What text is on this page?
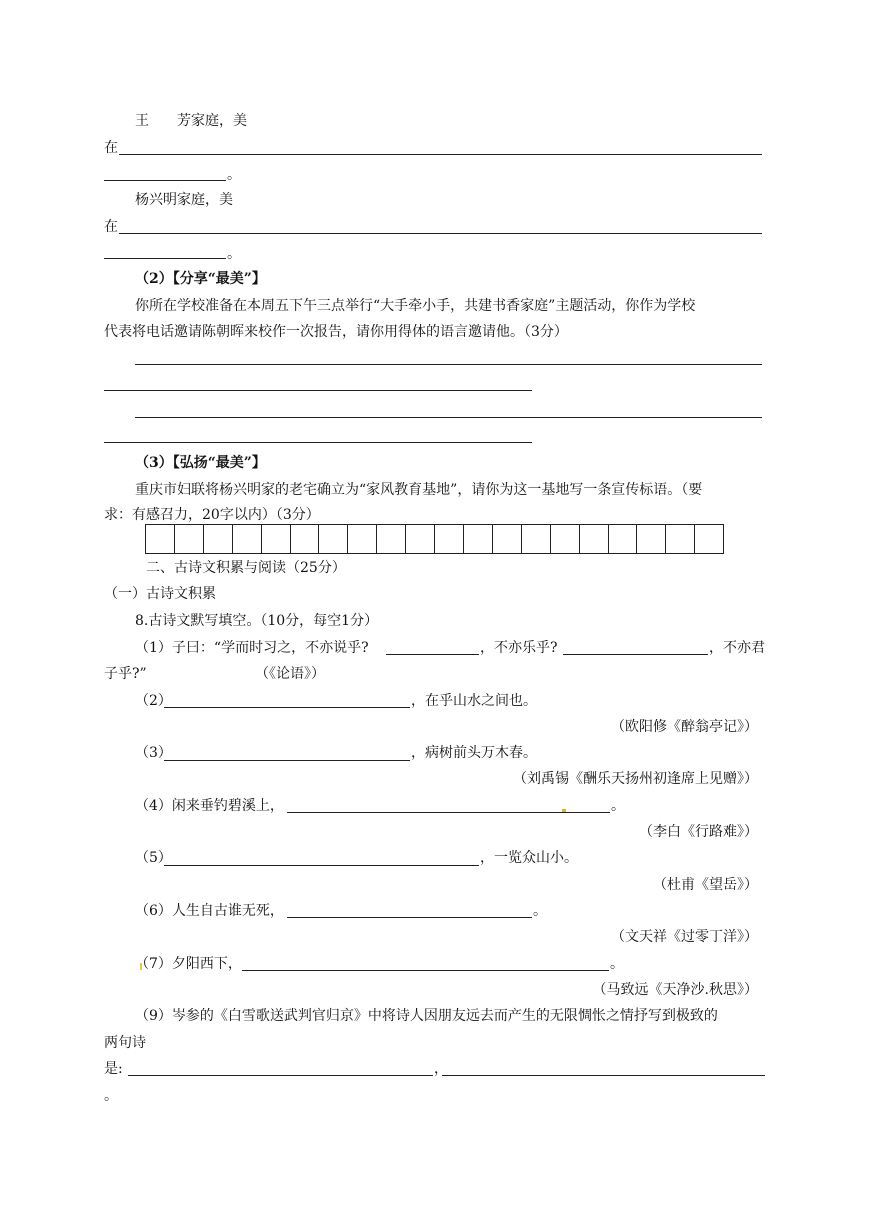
王　　芳家庭，美
在
。
杨兴明家庭，美
在
。
（2）【分享“最美”】
你所在学校准备在本周五下午三点举行“大手牵小手，共建书香家庭”主题活动，你作为学校
代表将电话邀请陈朝晖来校作一次报告，请你用得体的语言邀请他。（3分）
（3）【弘扬“最美”】
重庆市妇联将杨兴明家的老宅确立为“家风教育基地”，请你为这一基地写一条宣传标语。（要
求：有感召力，20字以内）（3分）
二、古诗文积累与阅读（25分）
（一）古诗文积累
8.古诗文默写填空。（10分，每空1分）
（1）子曰：“学而时习之，不亦说乎?	，不亦乐乎?	，不亦君
子乎?”	（《论语》）
（2）	，在乎山水之间也。
（欧阳修《醉翁亭记》）
（3）	，病树前头万木春。
（刘禹锡《酬乐天扬州初逢席上见赠》）
（4）闲来垂钓碧溪上，	。
（李白《行路难》）
（5）	，一览众山小。
（杜甫《望岳》）
（6）人生自古谁无死，	。
（文天祥《过零丁洋》）
（7）夕阳西下，	。
（马致远《天净沙.秋思》）
（9）岑参的《白雪歌送武判官归京》中将诗人因朋友远去而产生的无限惆怅之情抒写到极致的
两句诗
是:	，
。
